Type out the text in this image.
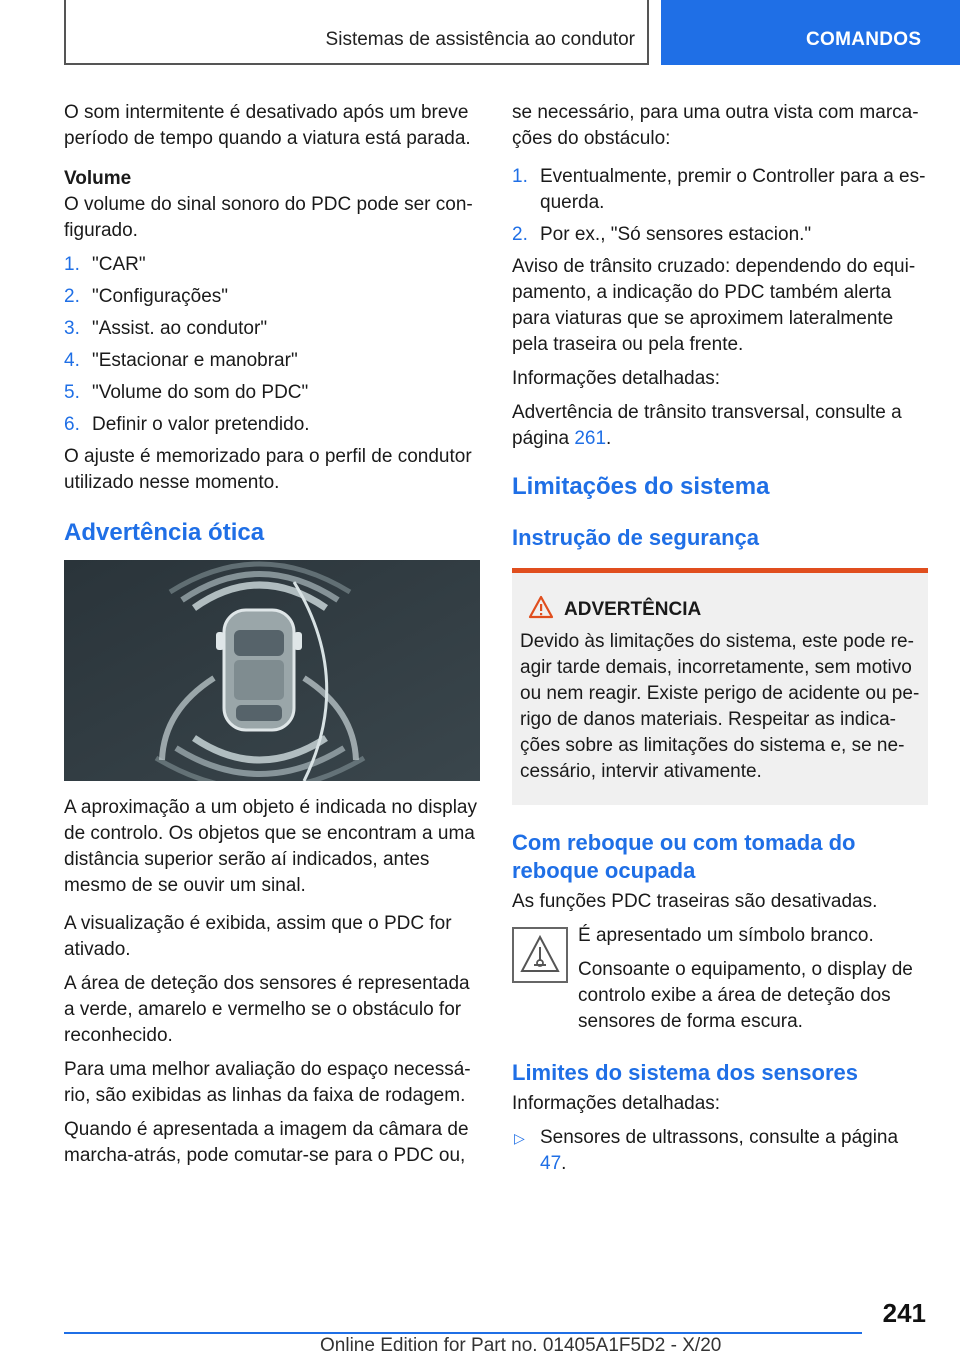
Sistemas de assistência ao condutor	COMANDOS

O som intermitente é desativado após um breve período de tempo quando a viatura está parada.

Volume

O volume do sinal sonoro do PDC pode ser configurado.

1. "CAR"
2. "Configurações"
3. "Assist. ao condutor"
4. "Estacionar e manobrar"
5. "Volume do som do PDC"
6. Definir o valor pretendido.

O ajuste é memorizado para o perfil de condutor utilizado nesse momento.

Advertência ótica

A aproximação a um objeto é indicada no display de controlo. Os objetos que se encontram a uma distância superior serão aí indicados, antes mesmo de se ouvir um sinal.

A visualização é exibida, assim que o PDC for ativado.

A área de deteção dos sensores é representada a verde, amarelo e vermelho se o obstáculo for reconhecido.

Para uma melhor avaliação do espaço necessário, são exibidas as linhas da faixa de rodagem.

Quando é apresentada a imagem da câmara de marcha-atrás, pode comutar-se para o PDC ou,

se necessário, para uma outra vista com marcações do obstáculo:

1. Eventualmente, premir o Controller para a esquerda.
2. Por ex., "Só sensores estacion."

Aviso de trânsito cruzado: dependendo do equipamento, a indicação do PDC também alerta para viaturas que se aproximem lateralmente pela traseira ou pela frente.

Informações detalhadas:

Advertência de trânsito transversal, consulte a página 261.

Limitações do sistema
Instrução de segurança
ADVERTÊNCIA
Devido às limitações do sistema, este pode reagir tarde demais, incorretamente, sem motivo ou nem reagir. Existe perigo de acidente ou perigo de danos materiais. Respeitar as indicações sobre as limitações do sistema e, se necessário, intervir ativamente.
Com reboque ou com tomada do reboque ocupada

As funções PDC traseiras são desativadas.

É apresentado um símbolo branco.

Consoante o equipamento, o display de controlo exibe a área de deteção dos sensores de forma escura.

Limites do sistema dos sensores

Informações detalhadas:

▷ Sensores de ultrassons, consulte a página 47.
241
Online Edition for Part no. 01405A1F5D2 - X/20
